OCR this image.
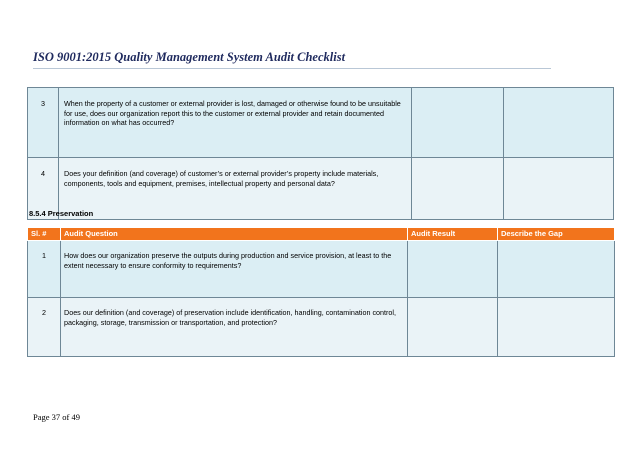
ISO 9001:2015 Quality Management System Audit Checklist
3	When the property of a customer or external provider is lost, damaged or otherwise found to be unsuitable for use, does our organization report this to the customer or external provider and retain documented information on what has occurred?		
4	Does your definition (and coverage) of customer’s or external provider’s property include materials, components, tools and equipment, premises, intellectual property and personal data?		
8.5.4 Preservation
Sl. #	Audit Question	Audit Result	Describe the Gap
1	How does our organization preserve the outputs during production and service provision, at least to the extent necessary to ensure conformity to requirements?		
2	Does our definition (and coverage) of preservation include identification, handling, contamination control, packaging, storage, transmission or transportation, and protection?		
Page 37 of 49
